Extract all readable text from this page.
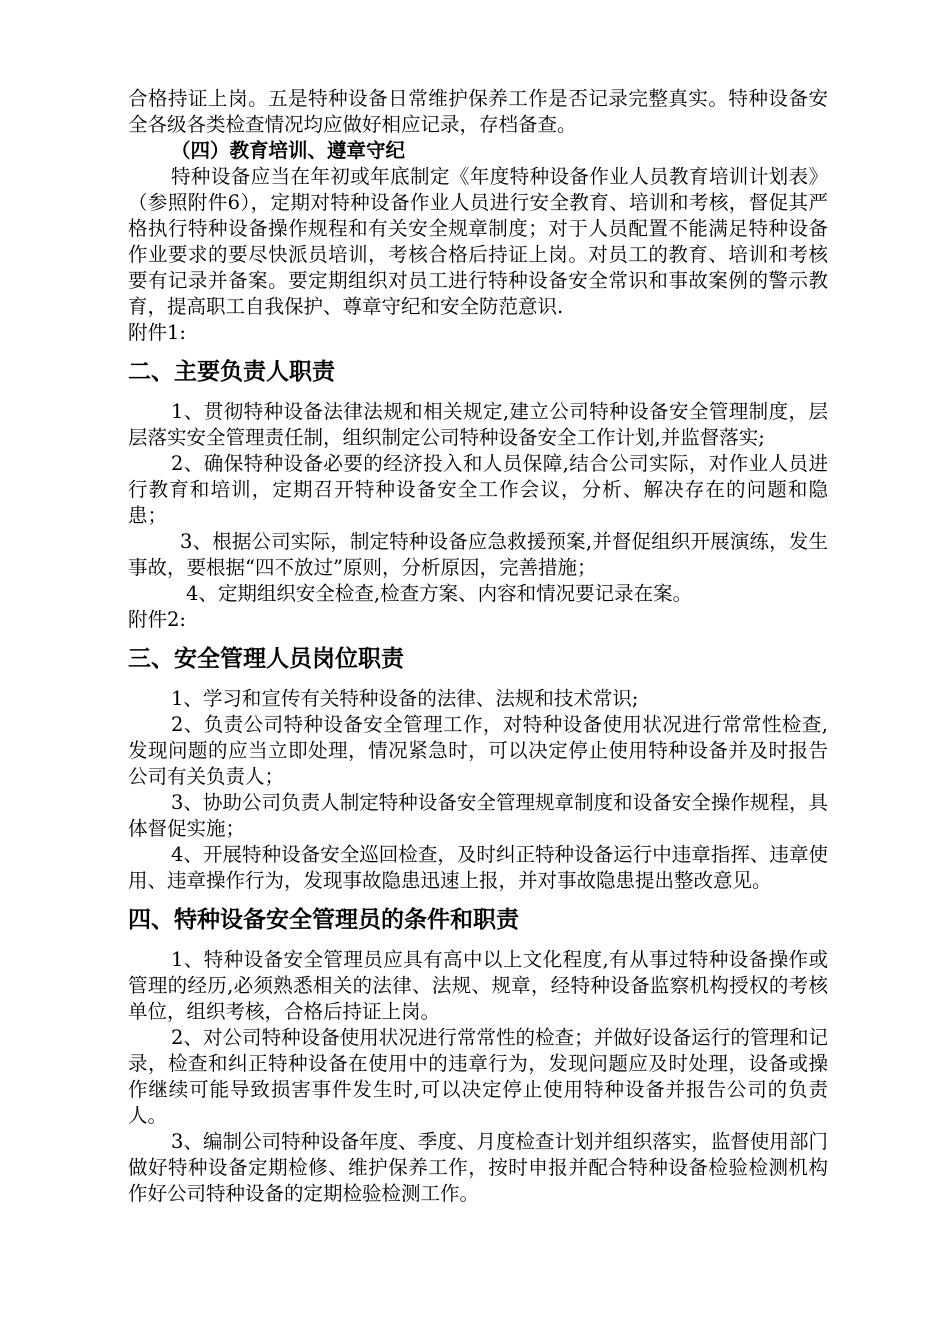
合格持证上岗。五是特种设备日常维护保养工作是否记录完整真实。特种设备安全各级各类检查情况均应做好相应记录，存档备查。

（四）教育培训、遵章守纪

特种设备应当在年初或年底制定《年度特种设备作业人员教育培训计划表》（参照附件6），定期对特种设备作业人员进行安全教育、培训和考核，督促其严格执行特种设备操作规程和有关安全规章制度；对于人员配置不能满足特种设备作业要求的要尽快派员培训，考核合格后持证上岗。对员工的教育、培训和考核要有记录并备案。要定期组织对员工进行特种设备安全常识和事故案例的警示教育，提高职工自我保护、尊章守纪和安全防范意识.

附件1:

二、主要负责人职责

1、贯彻特种设备法律法规和相关规定,建立公司特种设备安全管理制度，层层落实安全管理责任制，组织制定公司特种设备安全工作计划,并监督落实;

2、确保特种设备必要的经济投入和人员保障,结合公司实际，对作业人员进行教育和培训，定期召开特种设备安全工作会议，分析、解决存在的问题和隐患；

3、根据公司实际，制定特种设备应急救援预案,并督促组织开展演练，发生事故，要根据“四不放过”原则，分析原因，完善措施；

4、定期组织安全检查,检查方案、内容和情况要记录在案。

附件2:

三、安全管理人员岗位职责

1、学习和宣传有关特种设备的法律、法规和技术常识;

2、负责公司特种设备安全管理工作，对特种设备使用状况进行常常性检查,发现问题的应当立即处理，情况紧急时，可以决定停止使用特种设备并及时报告公司有关负责人；

3、协助公司负责人制定特种设备安全管理规章制度和设备安全操作规程，具体督促实施；

4、开展特种设备安全巡回检查，及时纠正特种设备运行中违章指挥、违章使用、违章操作行为，发现事故隐患迅速上报，并对事故隐患提出整改意见。

四、特种设备安全管理员的条件和职责

1、特种设备安全管理员应具有高中以上文化程度,有从事过特种设备操作或管理的经历,必须熟悉相关的法律、法规、规章，经特种设备监察机构授权的考核单位，组织考核，合格后持证上岗。

2、对公司特种设备使用状况进行常常性的检查；并做好设备运行的管理和记录，检查和纠正特种设备在使用中的违章行为，发现问题应及时处理，设备或操作继续可能导致损害事件发生时,可以决定停止使用特种设备并报告公司的负责人。

3、编制公司特种设备年度、季度、月度检查计划并组织落实，监督使用部门做好特种设备定期检修、维护保养工作，按时申报并配合特种设备检验检测机构作好公司特种设备的定期检验检测工作。
